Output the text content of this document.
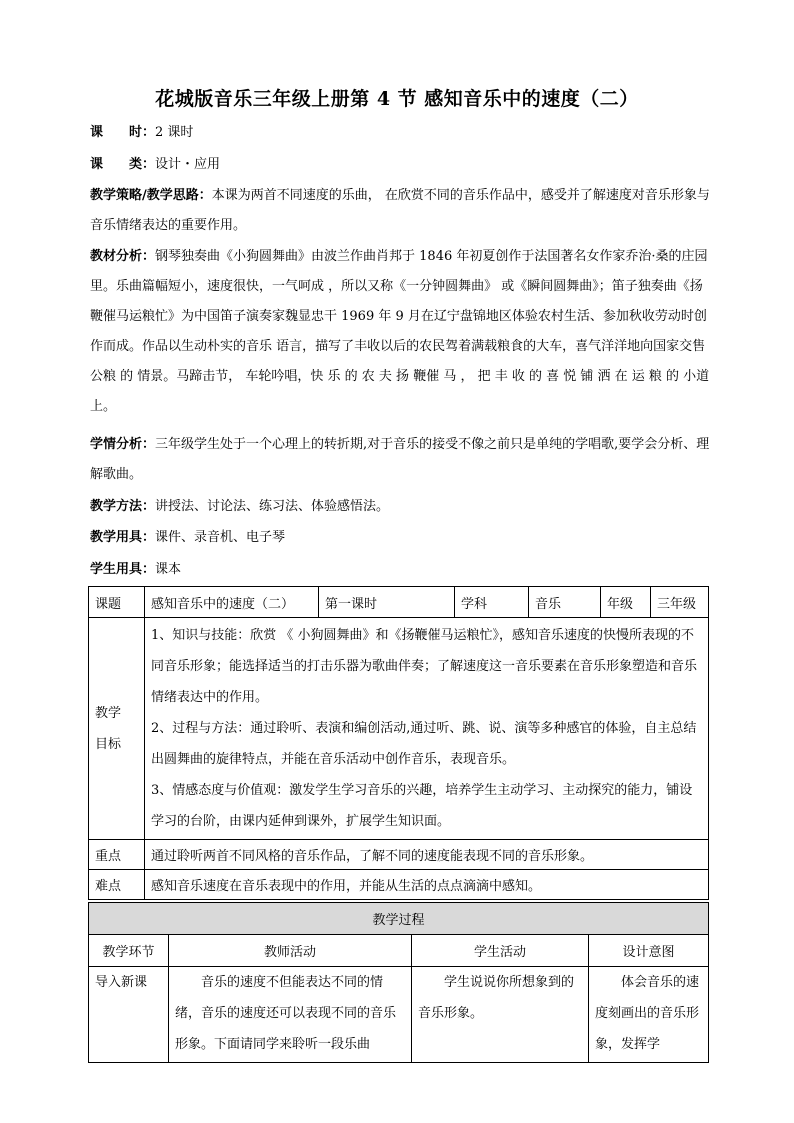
花城版音乐三年级上册第 4 节 感知音乐中的速度（二）
课　　时：2 课时
课　　类：设计・应用
教学策略/教学思路：本课为两首不同速度的乐曲， 在欣赏不同的音乐作品中，感受并了解速度对音乐形象与音乐情绪表达的重要作用。
教材分析：钢琴独奏曲《小狗圆舞曲》由波兰作曲肖邦于 1846 年初夏创作于法国著名女作家乔治·桑的庄园里。乐曲篇幅短小，速度很快，一气呵成 ，所以又称《一分钟圆舞曲》 或《瞬间圆舞曲》；笛子独奏曲《扬鞭催马运粮忙》为中国笛子演奏家魏显忠干 1969 年 9 月在辽宁盘锦地区体验农村生活、参加秋收劳动时创作而成。作品以生动朴实的音乐 语言，描写了丰收以后的农民驾着满载粮食的大车，喜气洋洋地向国家交售公粮 的 情景。马蹄击节， 车轮吟唱，快 乐 的 农 夫 扬 鞭催 马 ， 把 丰 收 的 喜 悦 铺 洒 在 运 粮 的 小道上。
学情分析：三年级学生处于一个心理上的转折期,对于音乐的接受不像之前只是单纯的学唱歌,要学会分析、理解歌曲。
教学方法：讲授法、讨论法、练习法、体验感悟法。
教学用具：课件、录音机、电子琴
学生用具：课本
课题	感知音乐中的速度（二）	第一课时	学科	音乐	年级	三年级
教学目标	1、知识与技能：欣赏 《 小狗圆舞曲》和《扬鞭催马运粮忙》，感知音乐速度的快慢所表现的不同音乐形象；能选择适当的打击乐器为歌曲伴奏；了解速度这一音乐要素在音乐形象塑造和音乐情绪表达中的作用。
2、过程与方法：通过聆听、表演和编创活动,通过听、跳、说、演等多种感官的体验，自主总结出圆舞曲的旋律特点，并能在音乐活动中创作音乐，表现音乐。
3、情感态度与价值观：激发学生学习音乐的兴趣，培养学生主动学习、主动探究的能力，铺设学习的台阶，由课内延伸到课外，扩展学生知识面。					

重点	通过聆听两首不同风格的音乐作品，了解不同的速度能表现不同的音乐形象。					
难点	感知音乐速度在音乐表现中的作用，并能从生活的点点滴滴中感知。					
教学过程			
教学环节	教师活动	学生活动	设计意图
导入新课	音乐的速度不但能表达不同的情绪，音乐的速度还可以表现不同的音乐形象。下面请同学来聆听一段乐曲	学生说说你所想象到的音乐形象。	体会音乐的速度刻画出的音乐形象，发挥学
